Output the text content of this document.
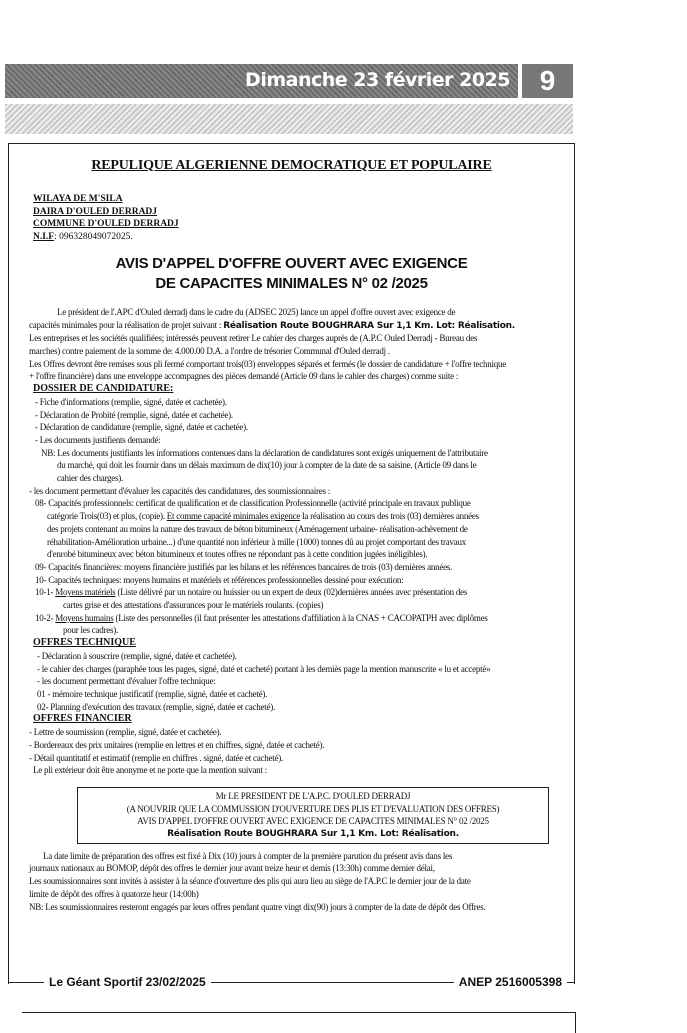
Dimanche 23 février 2025	9
REPULIQUE ALGERIENNE DEMOCRATIQUE ET POPULAIRE
WILAYA DE M'SILA
DAIRA D'OULED DERRADJ
COMMUNE D'OULED DERRADJ
N.I.F: 096328049072025.
AVIS D'APPEL D'OFFRE OUVERT AVEC EXIGENCE
DE CAPACITES MINIMALES N° 02 /2025
Le président de l'.APC d'Ouled derradj dans le cadre du (ADSEC 2025) lance un appel d'offre ouvert avec exigence de
capacités minimales pour la réalisation de projet suivant : Réalisation Route BOUGHRARA Sur 1,1 Km. Lot: Réalisation.
Les entreprises et les sociétés qualifiées; intéressés peuvent retirer Le cahier des charges auprès de (A.P.C Ouled Derradj - Bureau des
marches) contre paiement de la somme de: 4.000.00 D.A. a l'ordre de trésorier Communal d'Ouled derradj .
Les Offres devront être remises sous pli fermé comportant trois(03) enveloppes séparés et fermés (le dossier de candidature + l'offre technique
+ l'offre financière) dans une enveloppe accompagnes des pièces demandé (Article 09 dans le cahier des charges) comme suite :
DOSSIER DE CANDIDATURE:
- Fiche d'informations (remplie, signé, datée et cachetée).
- Déclaration de Probité (remplie, signé, datée et cachetée).
- Déclaration de candidature (remplie, signé, datée et cachetée).
- Les documents justifients demandé:
NB: Les documents justifiants les informations contenues dans la déclaration de candidatures sont exigés uniquement de l'attributaire
du marché, qui doit les fournir dans un délais maximum de dix(10) jour à compter de la date de sa saisine. (Article 09 dans le
cahier des charges).
- les document permettant d'évaluer les capacités des candidatures, des soumissionnaires :
08- Capacités professionnels: certificat de qualification et de classification Professionnelle (activité principale en travaux publique
catégorie Trois(03) et plus, (copie). Et comme capacité minimales exigence la réalisation au cours des trois (03) dernières années
des projets contenant au moins la nature des travaux de béton bitumineux (Aménagement urbaine- réalisation-achèvement de
réhabilitation-Amélioration urbaine...) d'une quantité non inférieur à mille (1000) tonnes dû au projet comportant des travaux
d'enrobé bitumineux avec béton bitumineux et toutes offres ne répondant pas à cette condition jugées inéligibles).
09- Capacités financières: moyens financière justifiés par les bilans et les références bancaires de trois (03) dernières années.
10- Capacités techniques: moyens humains et matériels et références professionnelles dessiné pour exécution:
10-1- Moyens matériels (Liste délivré par un notaire ou huissier ou un expert de deux (02)dernières années avec présentation des
cartes grise et des attestations d'assurances pour le matériels roulants. (copies)
10-2- Moyens humains (Liste des personnelles (il faut présenter les attestations d'affiliation à la CNAS + CACOPATPH avec diplômes
pour les cadres).
OFFRES TECHNIQUE
- Déclaration à souscrire (remplie, signé, datée et cachetée).
- le cahier des charges (paraphée tous les pages, signé, daté et cacheté) portant à les derniès page la mention manuscrite « lu et accepté»
- les document permettant d'évaluer l'offre technique:
01 - mémoire technique justificatif (remplie, signé, datée et cacheté).
02- Planning d'exécution des travaux (remplie, signé, datée et cacheté).
OFFRES FINANCIER
- Lettre de soumission (remplie, signé, datée et cachetée).
- Bordereaux des prix unitaires (remplie en lettres et en chiffres, signé, datée et cacheté).
- Détail quantitatif et estimatif (remplie en chiffres . signé, datée et cacheté).
Le pli extérieur doit être anonyme et ne porte que la mention suivant :
Mr LE PRESIDENT DE L'A.P.C. D'OULED DERRADJ
(A NOUVRIR QUE LA COMMUSSION D'OUVERTURE DES PLIS ET D'EVALUATION DES OFFRES)
AVIS D'APPEL D'OFFRE OUVERT AVEC EXIGENCE DE CAPACITES MINIMALES N° 02 /2025
Réalisation Route BOUGHRARA Sur 1,1 Km. Lot: Réalisation.
La date limite de préparation des offres est fixé à Dix (10) jours à compter de la première parution du présent avis dans les
journaux nationaux au BOMOP, dépôt des offres le dernier jour avant treize heur et demis (13:30h) comme dernier délai,
Les soumissionnaires sont invités à assister à la séance d'ouverture des plis qui aura lieu au siège de l'A.P.C le dernier jour de la date
limite de dépôt des offres à quatorze heur (14:00h)
NB: Les soumissionnaires resteront engagés par leurs offres pendant quatre vingt dix(90) jours à compter de la date de dépôt des Offres.
Le Géant Sportif 23/02/2025	ANEP 2516005398
